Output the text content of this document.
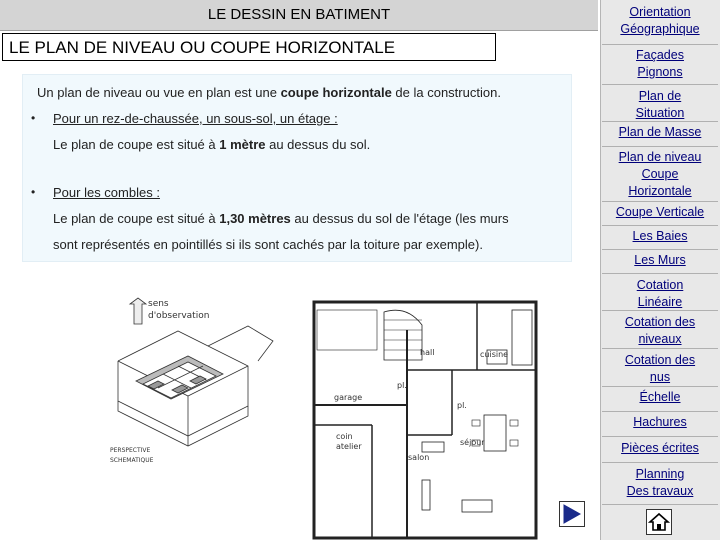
LE DESSIN EN BATIMENT
LE PLAN DE NIVEAU OU COUPE HORIZONTALE
Un plan de niveau ou vue en plan est une coupe horizontale de la construction.
• Pour un rez-de-chaussée, un sous-sol, un étage :
Le plan de coupe est situé à 1 mètre au dessus du sol.
• Pour les combles :
Le plan de coupe est situé à 1,30 mètres au dessus du sol de l'étage (les murs
sont représentés en pointillés si ils sont cachés par la toiture par exemple).
sens
d'observation
PERSPECTIVE
SCHEMATIQUE
hall	cuisine
pl.
garage
pl.
séjour
coin
atelier
salon
Orientation
Géographique
Façades
Pignons
Plan de
Situation
Plan de Masse
Plan de niveau
Coupe
Horizontale
Coupe Verticale
Les Baies
Les Murs
Cotation
Linéaire
Cotation des
niveaux
Cotation des
nus
Échelle
Hachures
Pièces écrites
Planning
Des travaux
